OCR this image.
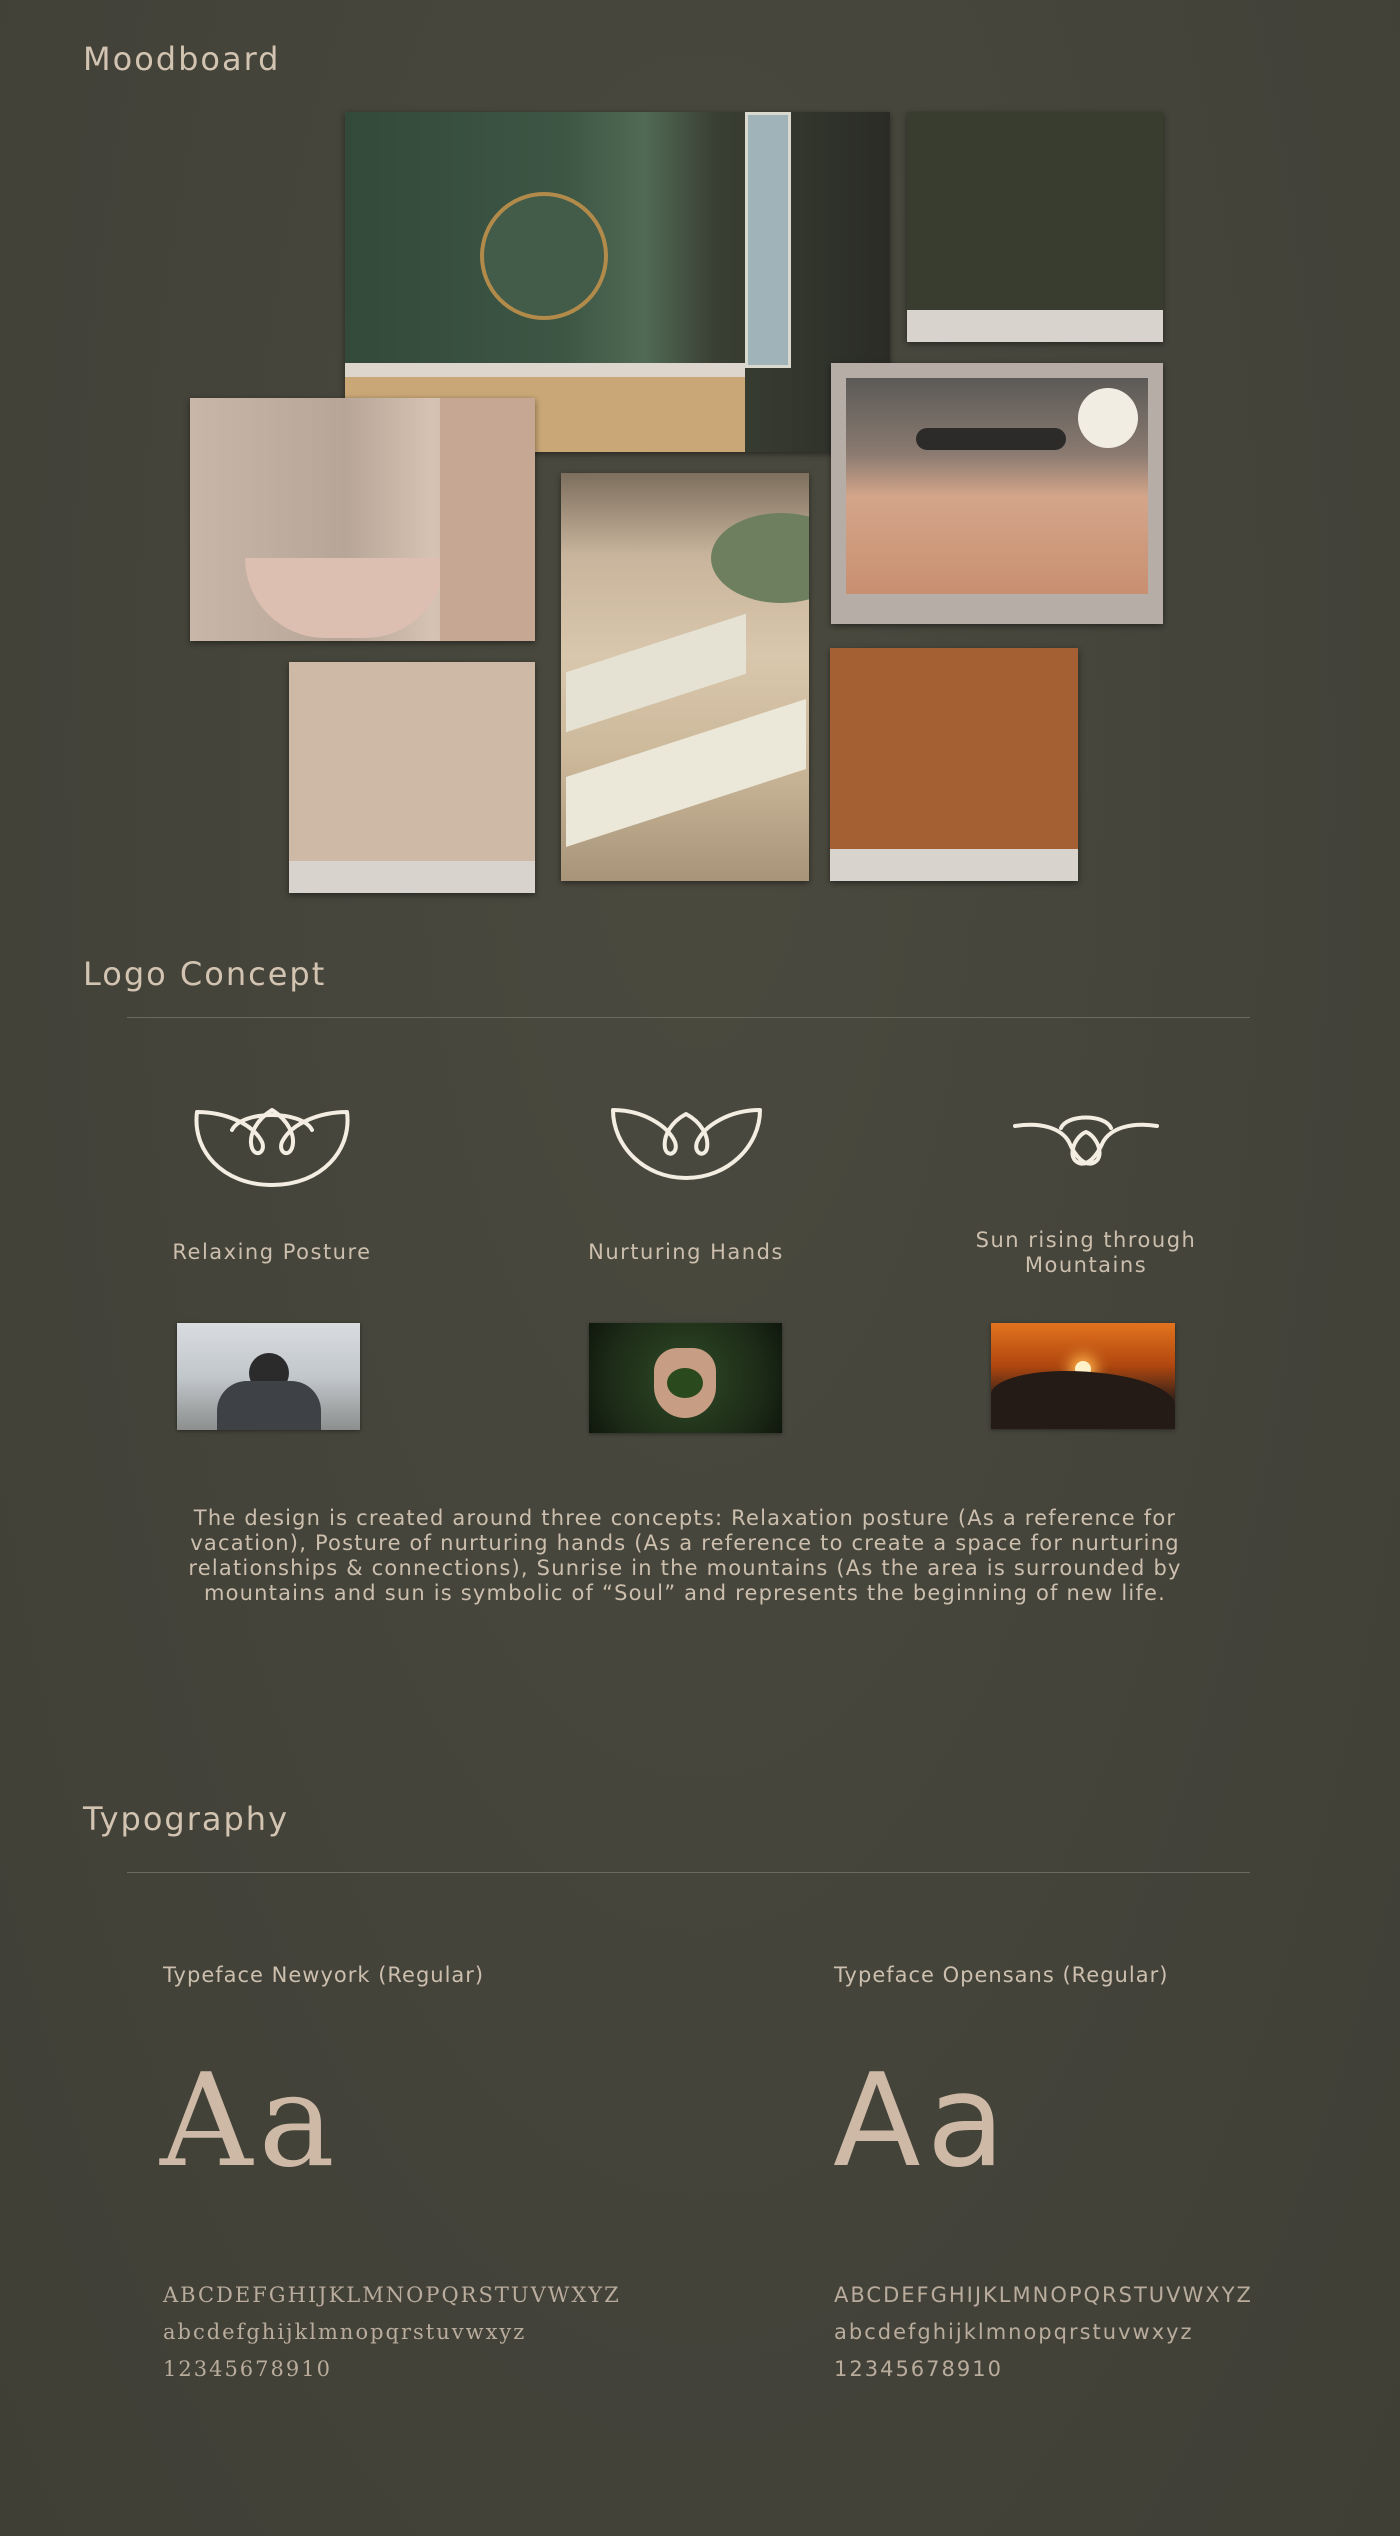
Moodboard
Logo Concept
Relaxing Posture	Nurturing Hands	Sun rising through
Mountains

The design is created around three concepts: Relaxation posture (As a reference for vacation), Posture of nurturing hands (As a reference to create a space for nurturing relationships & connections), Sunrise in the mountains (As the area is surrounded by mountains and sun is symbolic of “Soul” and represents the beginning of new life.

Typography
Typeface Newyork (Regular)	Typeface Opensans (Regular)
Aa	Aa
ABCDEFGHIJKLMNOPQRSTUVWXYZ
abcdefghijklmnopqrstuvwxyz
12345678910
ABCDEFGHIJKLMNOPQRSTUVWXYZ
abcdefghijklmnopqrstuvwxyz
12345678910
